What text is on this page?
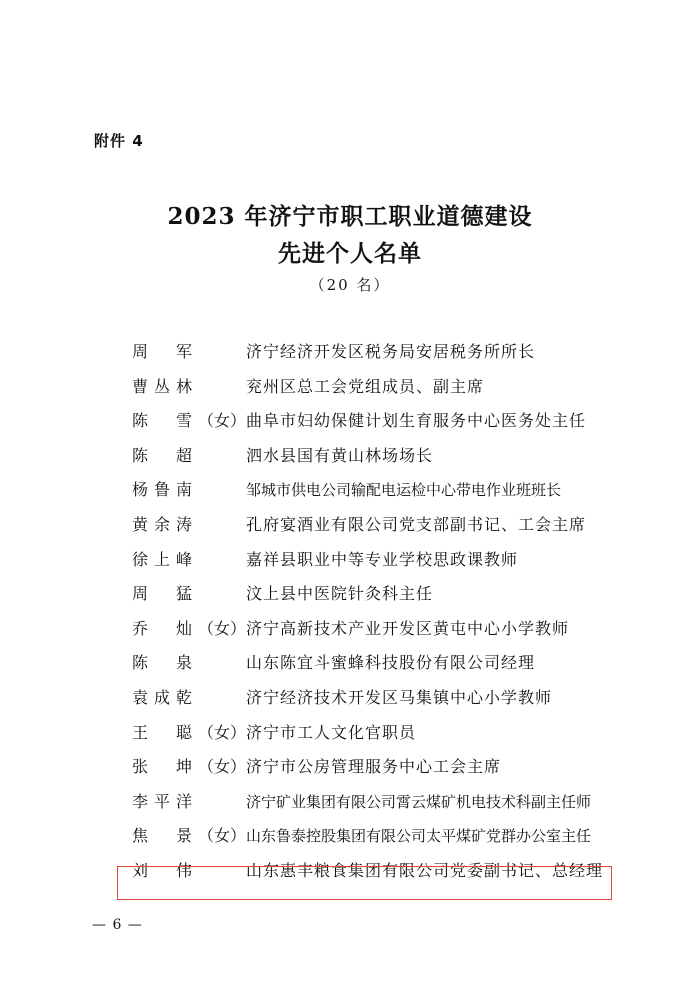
附件 4
2023 年济宁市职工职业道德建设
先进个人名单
（20 名）
周　军	济宁经济开发区税务局安居税务所所长
曹丛林	兖州区总工会党组成员、副主席
陈　雪 （女） 曲阜市妇幼保健计划生育服务中心医务处主任
陈　超	泗水县国有黄山林场场长
杨鲁南	邹城市供电公司输配电运检中心带电作业班班长
黄余涛	孔府宴酒业有限公司党支部副书记、工会主席
徐上峰	嘉祥县职业中等专业学校思政课教师
周　猛	汶上县中医院针灸科主任
乔　灿 （女） 济宁高新技术产业开发区黄屯中心小学教师
陈　泉	山东陈宜斗蜜蜂科技股份有限公司经理
袁成乾	济宁经济技术开发区马集镇中心小学教师
王　聪 （女） 济宁市工人文化官职员
张　坤 （女） 济宁市公房管理服务中心工会主席
李平洋	济宁矿业集团有限公司霄云煤矿机电技术科副主任师
焦　景 （女） 山东鲁泰控股集团有限公司太平煤矿党群办公室主任
刘　伟	山东惠丰粮食集团有限公司党委副书记、总经理
— 6 —
